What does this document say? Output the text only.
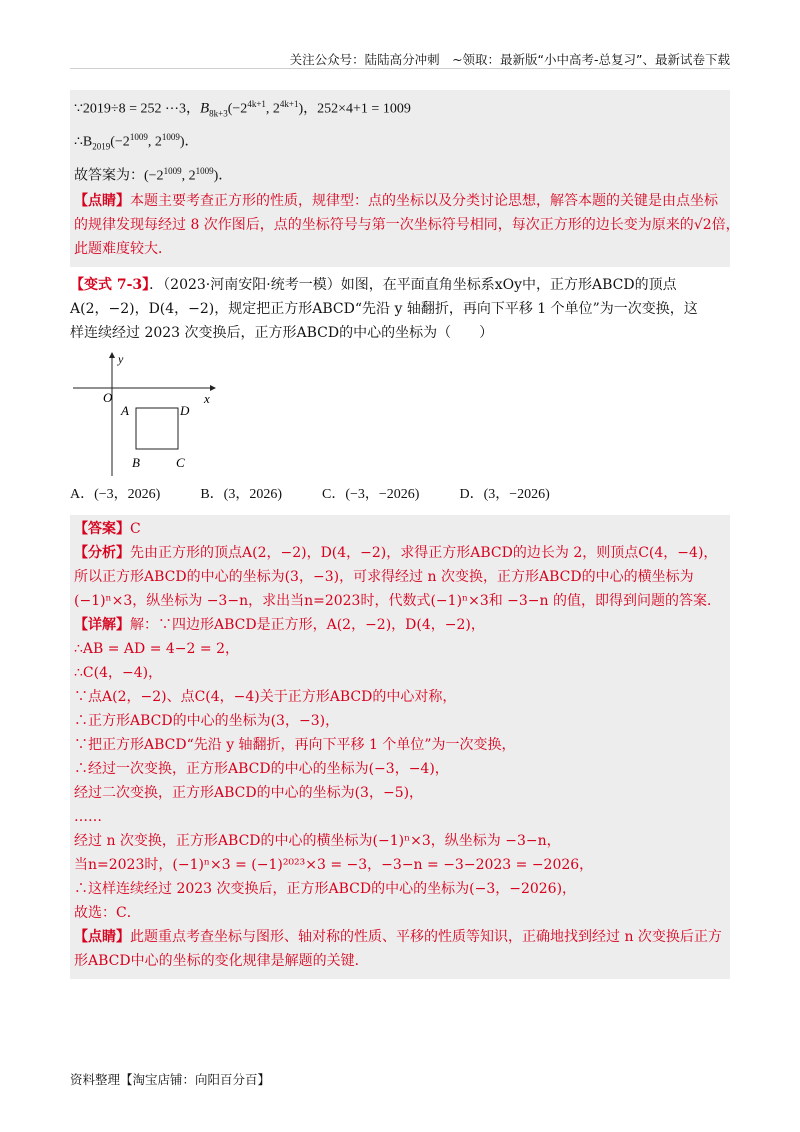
关注公众号：陆陆高分冲刺　~领取：最新版“小中高考-总复习”、最新试卷下载
∵2019÷8 = 252 ⋯3，$B_{8k+3}(-2^{4k+1}$, $2^{4k+1}$)，252×4+1 = 1009
$\therefore B_{2019}(-2^{1009}$, $2^{1009}$)．
故答案为：($-2^{1009}$, $2^{1009}$)．
【点睛】本题主要考查正方形的性质，规律型：点的坐标以及分类讨论思想，解答本题的关键是由点坐标
的规律发现每经过 8 次作图后，点的坐标符号与第一次坐标符号相同，每次正方形的边长变为原来的√2倍，
此题难度较大．
【变式 7-3】．（2023·河南安阳·统考一模）如图，在平面直角坐标系xOy中，正方形ABCD的顶点
A(2，−2)，D(4，−2)，规定把正方形ABCD“先沿 y 轴翻折，再向下平移 1 个单位”为一次变换，这
样连续经过 2023 次变换后，正方形ABCD的中心的坐标为（　　）
y
x
O
A	D
B	C
A．(−3，2026)	B．(3，2026)	C．(−3，−2026)	D．(3，−2026)
【答案】C
【分析】先由正方形的顶点A(2，−2)，D(4，−2)，求得正方形ABCD的边长为 2，则顶点C(4，−4)，
所以正方形ABCD的中心的坐标为(3，−3)，可求得经过 n 次变换，正方形ABCD的中心的横坐标为
(−1)ⁿ×3，纵坐标为 −3−n，求出当n=2023时，代数式(−1)ⁿ×3和 −3−n 的值，即得到问题的答案．
【详解】解：∵四边形ABCD是正方形，A(2，−2)，D(4，−2)，
∴AB = AD = 4−2 = 2，
∴C(4，−4)，
∵点A(2，−2)、点C(4，−4)关于正方形ABCD的中心对称，
∴正方形ABCD的中心的坐标为(3，−3)，
∵把正方形ABCD“先沿 y 轴翻折，再向下平移 1 个单位”为一次变换，
∴经过一次变换，正方形ABCD的中心的坐标为(−3，−4)，
经过二次变换，正方形ABCD的中心的坐标为(3，−5)，
……
经过 n 次变换，正方形ABCD的中心的横坐标为(−1)ⁿ×3，纵坐标为 −3−n，
当n=2023时，(−1)ⁿ×3 = (−1)²⁰²³×3 = −3，−3−n = −3−2023 = −2026，
∴这样连续经过 2023 次变换后，正方形ABCD的中心的坐标为(−3，−2026)，
故选：C．
【点睛】此题重点考查坐标与图形、轴对称的性质、平移的性质等知识，正确地找到经过 n 次变换后正方
形ABCD中心的坐标的变化规律是解题的关键．
资料整理【淘宝店铺：向阳百分百】
